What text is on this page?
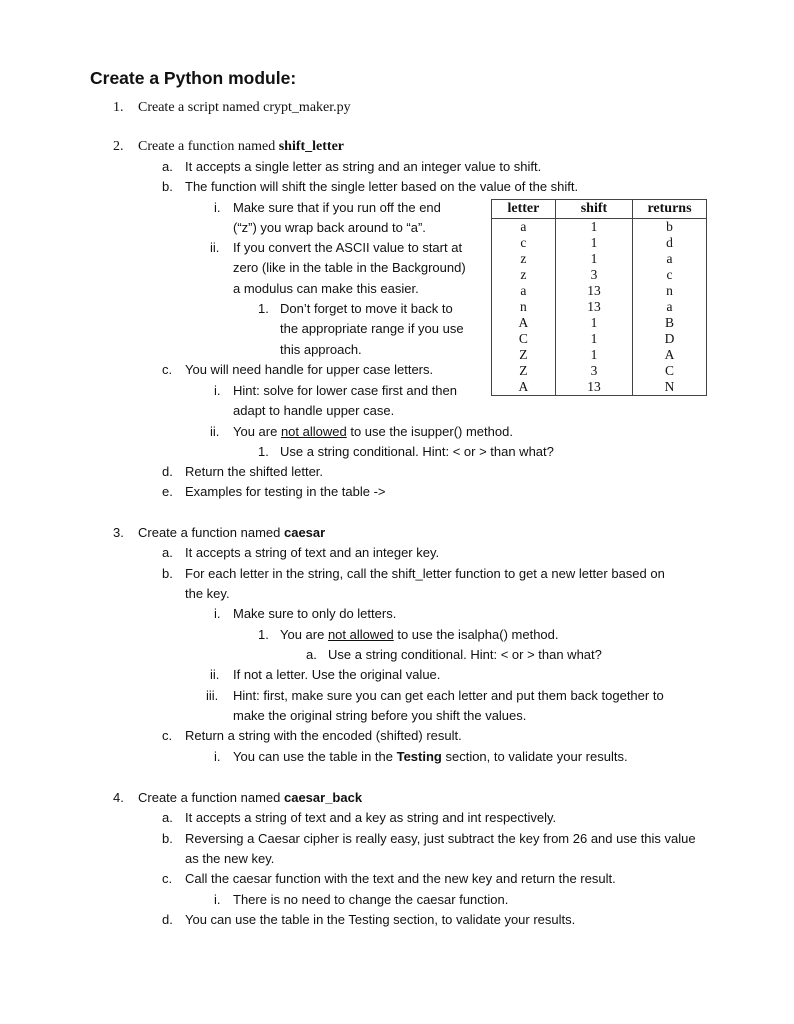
Create a Python module:
1. Create a script named crypt_maker.py
2. Create a function named shift_letter
a. It accepts a single letter as string and an integer value to shift.
b. The function will shift the single letter based on the value of the shift.
i. Make sure that if you run off the end
(“z”) you wrap back around to “a”.
ii. If you convert the ASCII value to start at
zero (like in the table in the Background)
a modulus can make this easier.
1. Don’t forget to move it back to
the appropriate range if you use
this approach.
c. You will need handle for upper case letters.
i. Hint: solve for lower case first and then
adapt to handle upper case.
ii. You are not allowed to use the isupper() method.
1. Use a string conditional. Hint: < or > than what?
d. Return the shifted letter.
e. Examples for testing in the table ->
letter	shift	returns
a	1	b
c	1	d
z	1	a
z	3	c
a	13	n
n	13	a
A	1	B
C	1	D
Z	1	A
Z	3	C
A	13	N
3. Create a function named caesar
a. It accepts a string of text and an integer key.
b. For each letter in the string, call the shift_letter function to get a new letter based on
the key.
i. Make sure to only do letters.
1. You are not allowed to use the isalpha() method.
a. Use a string conditional. Hint: < or > than what?
ii. If not a letter. Use the original value.
iii. Hint: first, make sure you can get each letter and put them back together to
make the original string before you shift the values.
c. Return a string with the encoded (shifted) result.
i. You can use the table in the Testing section, to validate your results.
4. Create a function named caesar_back
a. It accepts a string of text and a key as string and int respectively.
b. Reversing a Caesar cipher is really easy, just subtract the key from 26 and use this value
as the new key.
c. Call the caesar function with the text and the new key and return the result.
i. There is no need to change the caesar function.
d. You can use the table in the Testing section, to validate your results.
